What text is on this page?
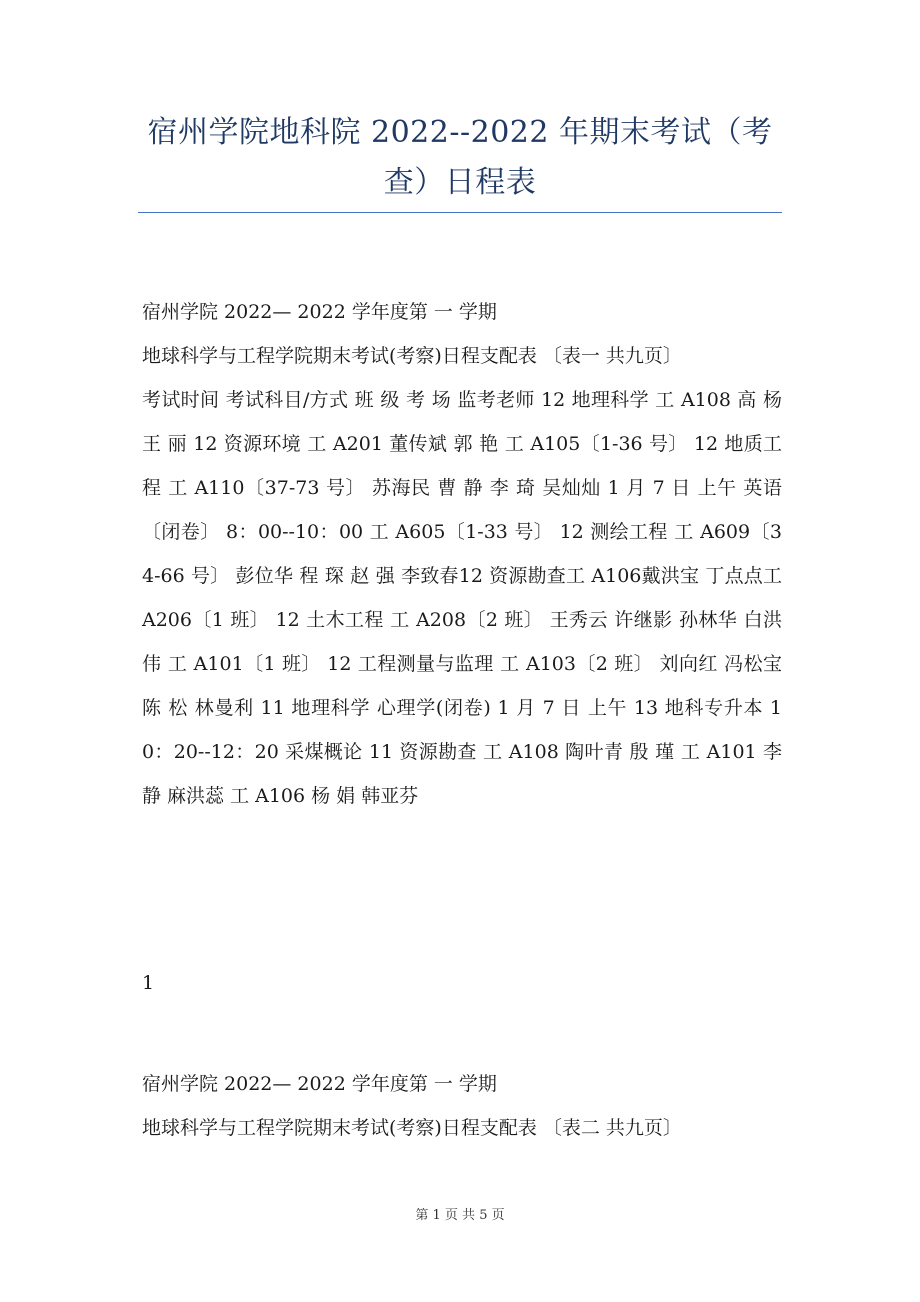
宿州学院地科院 2022--2022 年期末考试（考查）日程表
宿州学院 2022— 2022 学年度第 一 学期
地球科学与工程学院期末考试(考察)日程支配表 〔表一 共九页〕
考试时间 考试科目/方式 班 级 考 场 监考老师 12 地理科学 工 A108 高 杨 王 丽 12 资源环境 工 A201 董传斌 郭 艳 工 A105〔1-36 号〕 12 地质工程 工 A110〔37-73 号〕 苏海民 曹 静 李 琦 吴灿灿 1 月 7 日 上午 英语〔闭卷〕 8：00--10：00 工 A605〔1-33 号〕 12 测绘工程 工 A609〔34-66 号〕 彭位华 程 琛 赵 强 李致春12 资源勘查工 A106戴洪宝 丁点点工 A206〔1 班〕 12 土木工程 工 A208〔2 班〕 王秀云 许继影 孙林华 白洪伟 工 A101〔1 班〕 12 工程测量与监理 工 A103〔2 班〕 刘向红 冯松宝 陈 松 林曼利 11 地理科学 心理学(闭卷) 1 月 7 日 上午 13 地科专升本 10：20--12：20 采煤概论 11 资源勘查 工 A108 陶叶青 殷 瑾 工 A101 李 静 麻洪蕊 工 A106 杨 娟 韩亚芬
1
宿州学院 2022— 2022 学年度第 一 学期
地球科学与工程学院期末考试(考察)日程支配表 〔表二 共九页〕
第 1 页 共 5 页
